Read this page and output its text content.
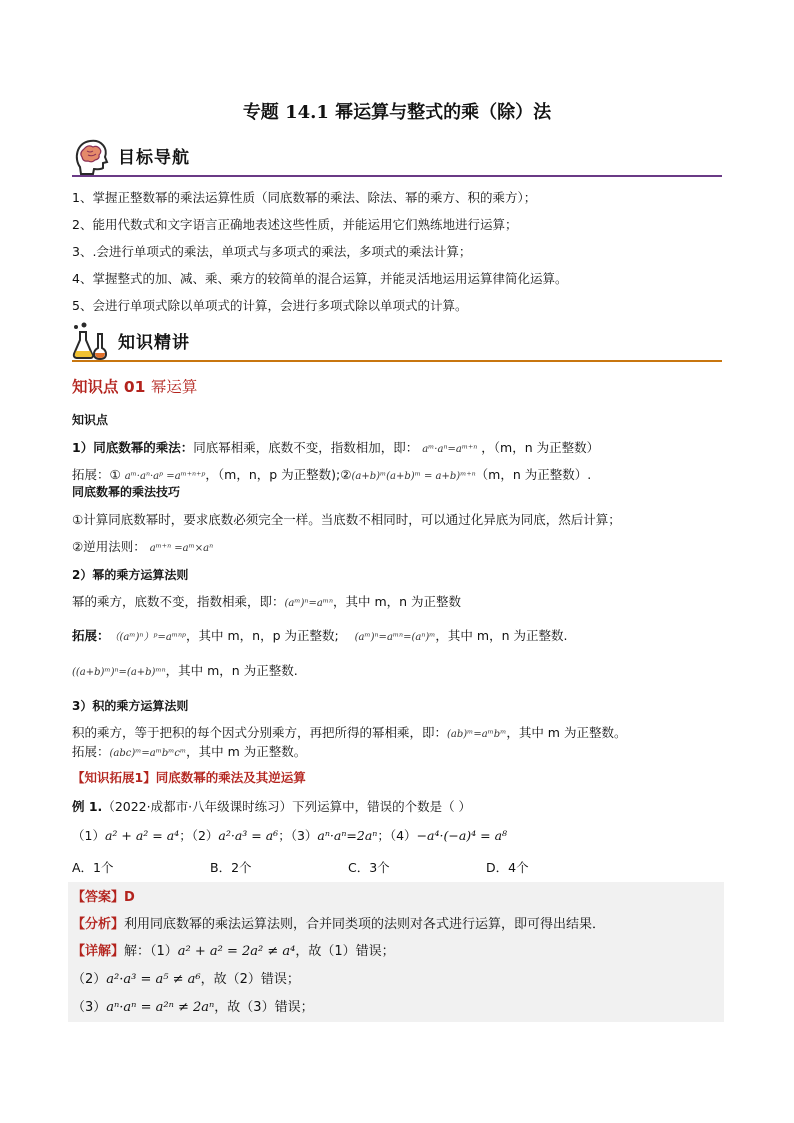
专题 14.1 幂运算与整式的乘（除）法
目标导航
1、掌握正整数幂的乘法运算性质（同底数幂的乘法、除法、幂的乘方、积的乘方）；
2、能用代数式和文字语言正确地表述这些性质，并能运用它们熟练地进行运算；
3、.会进行单项式的乘法，单项式与多项式的乘法，多项式的乘法计算；
4、掌握整式的加、减、乘、乘方的较简单的混合运算，并能灵活地运用运算律简化运算。
5、会进行单项式除以单项式的计算，会进行多项式除以单项式的计算。
知识精讲
知识点 01 幂运算
知识点
1）同底数幂的乘法：同底幂相乘，底数不变，指数相加，即： aᵐ·aⁿ=aᵐ⁺ⁿ ，（m，n 为正整数）
拓展：① aᵐ·aⁿ·aᵖ =aᵐ⁺ⁿ⁺ᵖ，（m，n，p 为正整数);②(a+b)ᵐ(a+b)ᵐ = a+b)ᵐ⁺ⁿ（m，n 为正整数）.
同底数幂的乘法技巧
①计算同底数幂时，要求底数必须完全一样。当底数不相同时，可以通过化异底为同底，然后计算；
②逆用法则： aᵐ⁺ⁿ =aᵐ×aⁿ
2）幂的乘方运算法则
幂的乘方，底数不变，指数相乘，即：(aᵐ)ⁿ=aᵐⁿ，其中 m，n 为正整数
拓展：（(aᵐ)ⁿ）ᵖ=aᵐⁿᵖ，其中 m，n，p 为正整数; (aᵐ)ⁿ=aᵐⁿ=(aⁿ)ᵐ，其中 m，n 为正整数.
((a+b)ᵐ)ⁿ=(a+b)ᵐⁿ，其中 m，n 为正整数.
3）积的乘方运算法则
积的乘方，等于把积的每个因式分别乘方，再把所得的幂相乘，即：(ab)ᵐ=aᵐbᵐ，其中 m 为正整数。
拓展：(abc)ᵐ=aᵐbᵐcᵐ，其中 m 为正整数。
【知识拓展1】同底数幂的乘法及其逆运算
例 1.（2022·成都市·八年级课时练习）下列运算中，错误的个数是（ ）
（1）a² + a² = a⁴；（2）a²·a³ = a⁶；（3）aⁿ·aⁿ=2aⁿ；（4）−a⁴·(−a)⁴ = a⁸
A．1个	B．2个	C．3个	D．4个
【答案】D
【分析】利用同底数幂的乘法运算法则，合并同类项的法则对各式进行运算，即可得出结果．
【详解】解：（1）a² + a² = 2a² ≠ a⁴，故（1）错误；
（2）a²·a³ = a⁵ ≠ a⁶，故（2）错误；
（3）aⁿ·aⁿ = a²ⁿ ≠ 2aⁿ，故（3）错误；
